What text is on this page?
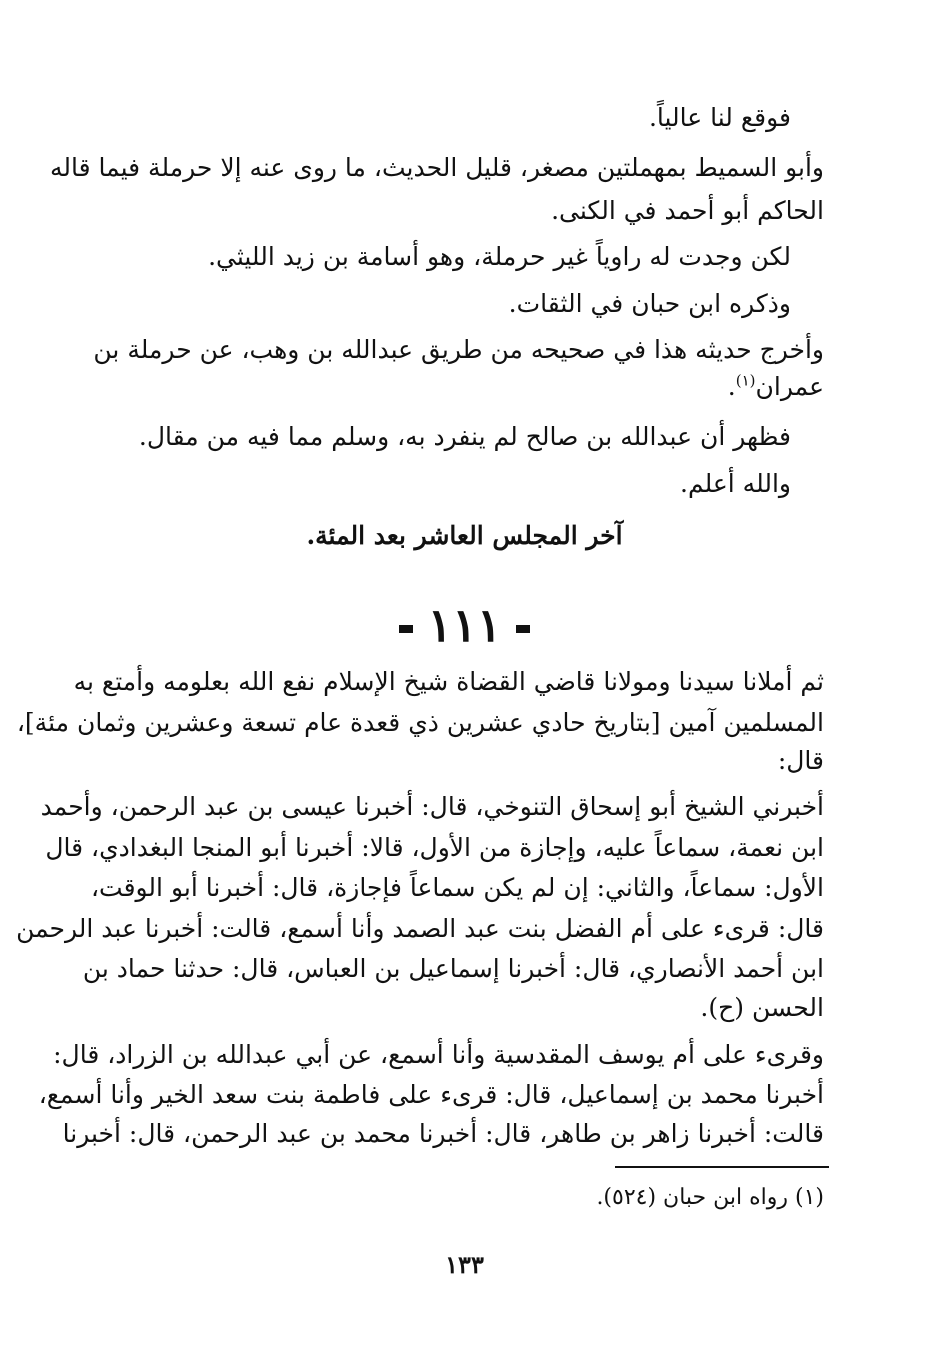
فوقع لنا عالياً.
وأبو السميط بمهملتين مصغر، قليل الحديث، ما روى عنه إلا حرملة فيما قاله
الحاكم أبو أحمد في الكنى.
لكن وجدت له راوياً غير حرملة، وهو أسامة بن زيد الليثي.
وذكره ابن حبان في الثقات.
وأخرج حديثه هذا في صحيحه من طريق عبدالله بن وهب، عن حرملة بن
عمران$^{(١)}$.
فظهر أن عبدالله بن صالح لم ينفرد به، وسلم مما فيه من مقال.
والله أعلم.
آخر المجلس العاشر بعد المئة.
١١١
ثم أملانا سيدنا ومولانا قاضي القضاة شيخ الإسلام نفع الله بعلومه وأمتع به
المسلمين آمين [بتاريخ حادي عشرين ذي قعدة عام تسعة وعشرين وثمان مئة]،
قال:
أخبرني الشيخ أبو إسحاق التنوخي، قال: أخبرنا عيسى بن عبد الرحمن، وأحمد
ابن نعمة، سماعاً عليه، وإجازة من الأول، قالا: أخبرنا أبو المنجا البغدادي، قال
الأول: سماعاً، والثاني: إن لم يكن سماعاً فإجازة، قال: أخبرنا أبو الوقت،
قال: قرىء على أم الفضل بنت عبد الصمد وأنا أسمع، قالت: أخبرنا عبد الرحمن
ابن أحمد الأنصاري، قال: أخبرنا إسماعيل بن العباس، قال: حدثنا حماد بن
الحسن (ح).
وقرىء على أم يوسف المقدسية وأنا أسمع، عن أبي عبدالله بن الزراد، قال:
أخبرنا محمد بن إسماعيل، قال: قرىء على فاطمة بنت سعد الخير وأنا أسمع،
قالت: أخبرنا زاهر بن طاهر، قال: أخبرنا محمد بن عبد الرحمن، قال: أخبرنا
(١) رواه ابن حبان (٥٢٤).
١٣٣
